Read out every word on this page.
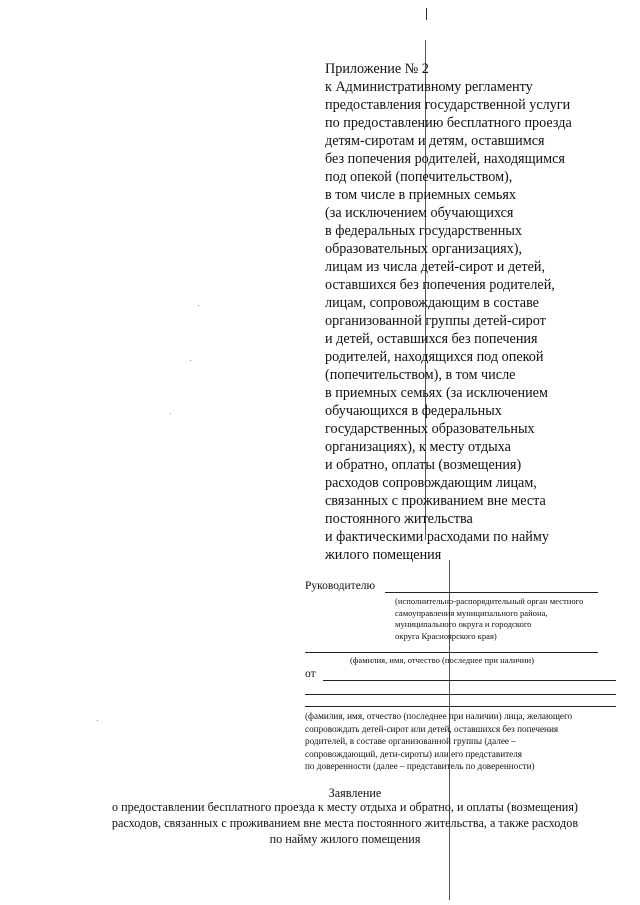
Приложение № 2
к Административному регламенту
предоставления государственной услуги
по предоставлению бесплатного проезда
детям-сиротам и детям, оставшимся
без попечения родителей, находящимся
под опекой (попечительством),
в том числе в приемных семьях
(за исключением обучающихся
в федеральных государственных
образовательных организациях),
лицам из числа детей-сирот и детей,
оставшихся без попечения родителей,
лицам, сопровождающим в составе
организованной группы детей-сирот
и детей, оставшихся без попечения
родителей, находящихся под опекой
(попечительством), в том числе
в приемных семьях (за исключением
обучающихся в федеральных
государственных образовательных
организациях), к месту отдыха
и обратно, оплаты (возмещения)
расходов сопровождающим лицам,
связанных с проживанием вне места
постоянного жительства
и фактическими расходами по найму
жилого помещения
Руководителю
(исполнительно-распорядительный орган местного
самоуправления муниципального района,
муниципального округа и городского
округа Красноярского края)
(фамилия, имя, отчество (последнее при наличии)
от
(фамилия, имя, отчество (последнее при наличии) лица, желающего
сопровождать детей-сирот или детей, оставшихся без попечения
родителей, в составе организованной группы (далее –
сопровождающий, дети-сироты) или его представителя
по доверенности (далее – представитель по доверенности)
Заявление
о предоставлении бесплатного проезда к месту отдыха и обратно, и оплаты (возмещения)
расходов, связанных с проживанием вне места постоянного жительства, а также расходов
по найму жилого помещения
